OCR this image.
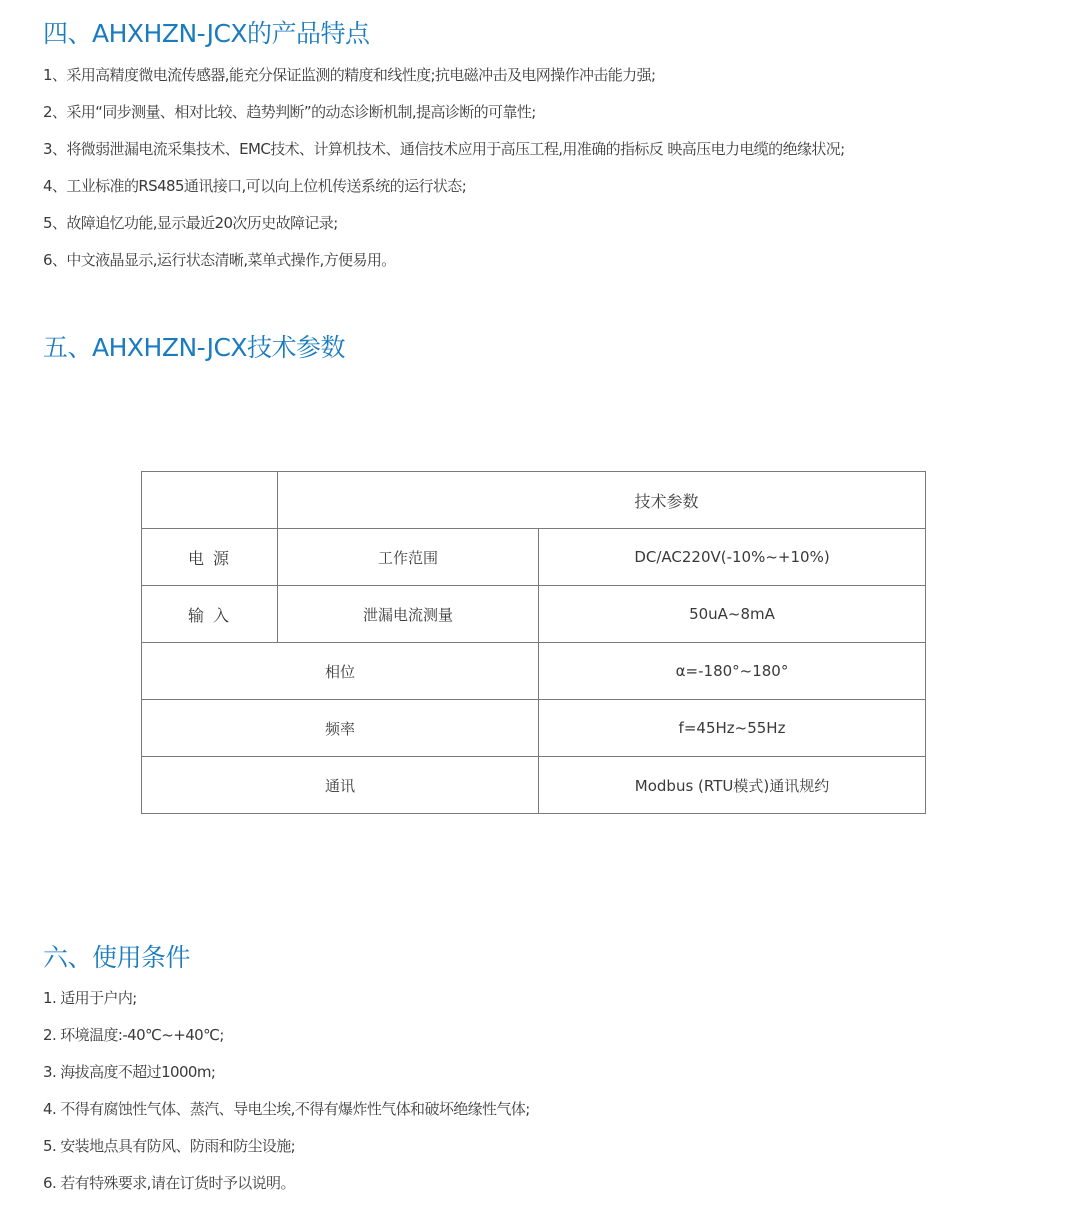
四、AHXHZN-JCX的产品特点
1、采用高精度微电流传感器,能充分保证监测的精度和线性度;抗电磁冲击及电网操作冲击能力强;
2、采用“同步测量、相对比较、趋势判断”的动态诊断机制,提高诊断的可靠性;
3、将微弱泄漏电流采集技术、EMC技术、计算机技术、通信技术应用于高压工程,用准确的指标反 映高压电力电缆的绝缘状况;
4、工业标准的RS485通讯接口,可以向上位机传送系统的运行状态;
5、故障追忆功能,显示最近20次历史故障记录;
6、中文液晶显示,运行状态清晰,菜单式操作,方便易用。
五、AHXHZN-JCX技术参数
	技术参数	
电 源	工作范围	DC/AC220V(-10%~+10%)
输 入	泄漏电流测量	50uA~8mA
相位		α=-180°~180°
频率		f=45Hz~55Hz
通讯		Modbus (RTU模式)通讯规约
六、使用条件
1. 适用于户内;
2. 环境温度:-40℃~+40℃;
3. 海拔高度不超过1000m;
4. 不得有腐蚀性气体、蒸汽、导电尘埃,不得有爆炸性气体和破坏绝缘性气体;
5. 安装地点具有防风、防雨和防尘设施;
6. 若有特殊要求,请在订货时予以说明。
